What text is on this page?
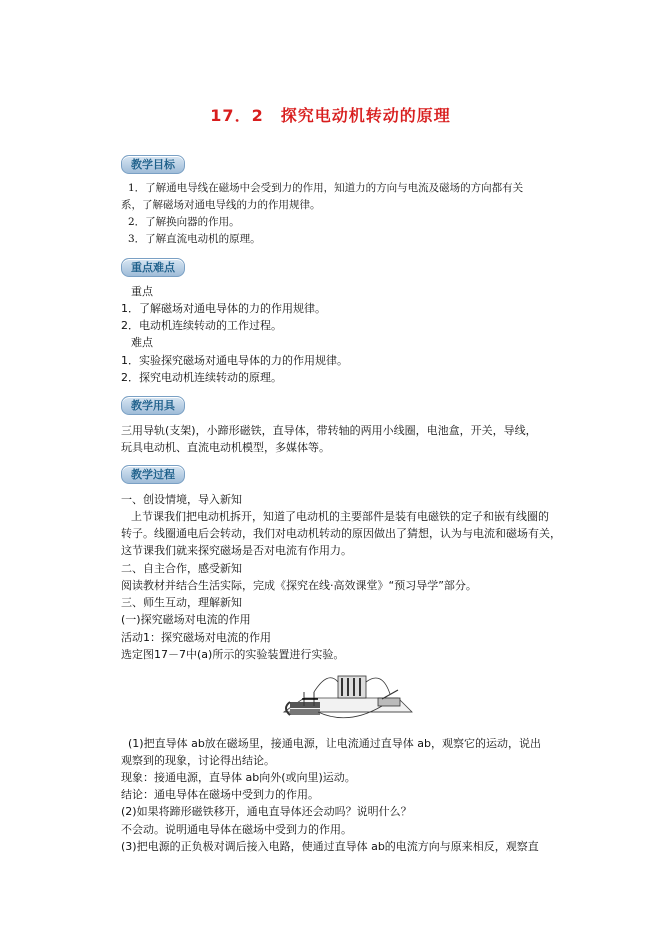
17．2　探究电动机转动的原理
教学目标
1．了解通电导线在磁场中会受到力的作用，知道力的方向与电流及磁场的方向都有关
系，了解磁场对通电导线的力的作用规律。
2．了解换向器的作用。
3．了解直流电动机的原理。
重点难点
重点
1．了解磁场对通电导体的力的作用规律。
2．电动机连续转动的工作过程。
难点
1．实验探究磁场对通电导体的力的作用规律。
2．探究电动机连续转动的原理。
教学用具
三用导轨(支架)，小蹄形磁铁，直导体，带转轴的两用小线圈，电池盒，开关，导线，
玩具电动机、直流电动机模型，多媒体等。
教学过程
一、创设情境，导入新知
上节课我们把电动机拆开，知道了电动机的主要部件是装有电磁铁的定子和嵌有线圈的
转子。线圈通电后会转动，我们对电动机转动的原因做出了猜想，认为与电流和磁场有关，
这节课我们就来探究磁场是否对电流有作用力。
二、自主合作，感受新知
阅读教材并结合生活实际，完成《探究在线·高效课堂》“预习导学”部分。
三、师生互动，理解新知
(一)探究磁场对电流的作用
活动1：探究磁场对电流的作用
选定图17－7中(a)所示的实验装置进行实验。
(1)把直导体 ab放在磁场里，接通电源，让电流通过直导体 ab，观察它的运动，说出
观察到的现象，讨论得出结论。
现象：接通电源，直导体 ab向外(或向里)运动。
结论：通电导体在磁场中受到力的作用。
(2)如果将蹄形磁铁移开，通电直导体还会动吗？说明什么？
不会动。说明通电导体在磁场中受到力的作用。
(3)把电源的正负极对调后接入电路，使通过直导体 ab的电流方向与原来相反，观察直
